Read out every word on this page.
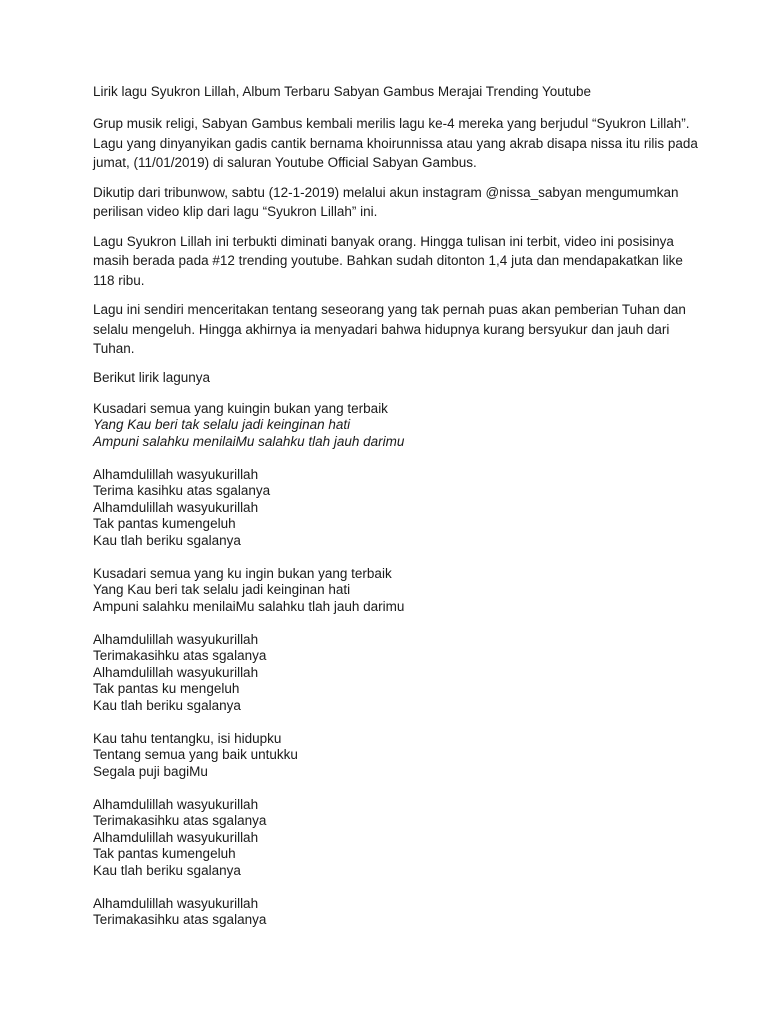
Lirik lagu Syukron Lillah, Album Terbaru Sabyan Gambus Merajai Trending Youtube
Grup musik religi, Sabyan Gambus kembali merilis lagu ke-4 mereka yang berjudul “Syukron Lillah”.
Lagu yang dinyanyikan gadis cantik bernama khoirunnissa atau yang akrab disapa nissa itu rilis pada
jumat, (11/01/2019) di saluran Youtube Official Sabyan Gambus.
Dikutip dari tribunwow, sabtu (12-1-2019) melalui akun instagram @nissa_sabyan mengumumkan
perilisan video klip dari lagu “Syukron Lillah” ini.
Lagu Syukron Lillah ini terbukti diminati banyak orang. Hingga tulisan ini terbit, video ini posisinya
masih berada pada #12 trending youtube. Bahkan sudah ditonton 1,4 juta dan mendapakatkan like
118 ribu.
Lagu ini sendiri menceritakan tentang seseorang yang tak pernah puas akan pemberian Tuhan dan
selalu mengeluh. Hingga akhirnya ia menyadari bahwa hidupnya kurang bersyukur dan jauh dari
Tuhan.
Berikut lirik lagunya
Kusadari semua yang kuingin bukan yang terbaik
Yang Kau beri tak selalu jadi keinginan hati
Ampuni salahku menilaiMu salahku tlah jauh darimu
Alhamdulillah wasyukurillah
Terima kasihku atas sgalanya
Alhamdulillah wasyukurillah
Tak pantas kumengeluh
Kau tlah beriku sgalanya
Kusadari semua yang ku ingin bukan yang terbaik
Yang Kau beri tak selalu jadi keinginan hati
Ampuni salahku menilaiMu salahku tlah jauh darimu
Alhamdulillah wasyukurillah
Terimakasihku atas sgalanya
Alhamdulillah wasyukurillah
Tak pantas ku mengeluh
Kau tlah beriku sgalanya
Kau tahu tentangku, isi hidupku
Tentang semua yang baik untukku
Segala puji bagiMu
Alhamdulillah wasyukurillah
Terimakasihku atas sgalanya
Alhamdulillah wasyukurillah
Tak pantas kumengeluh
Kau tlah beriku sgalanya
Alhamdulillah wasyukurillah
Terimakasihku atas sgalanya
